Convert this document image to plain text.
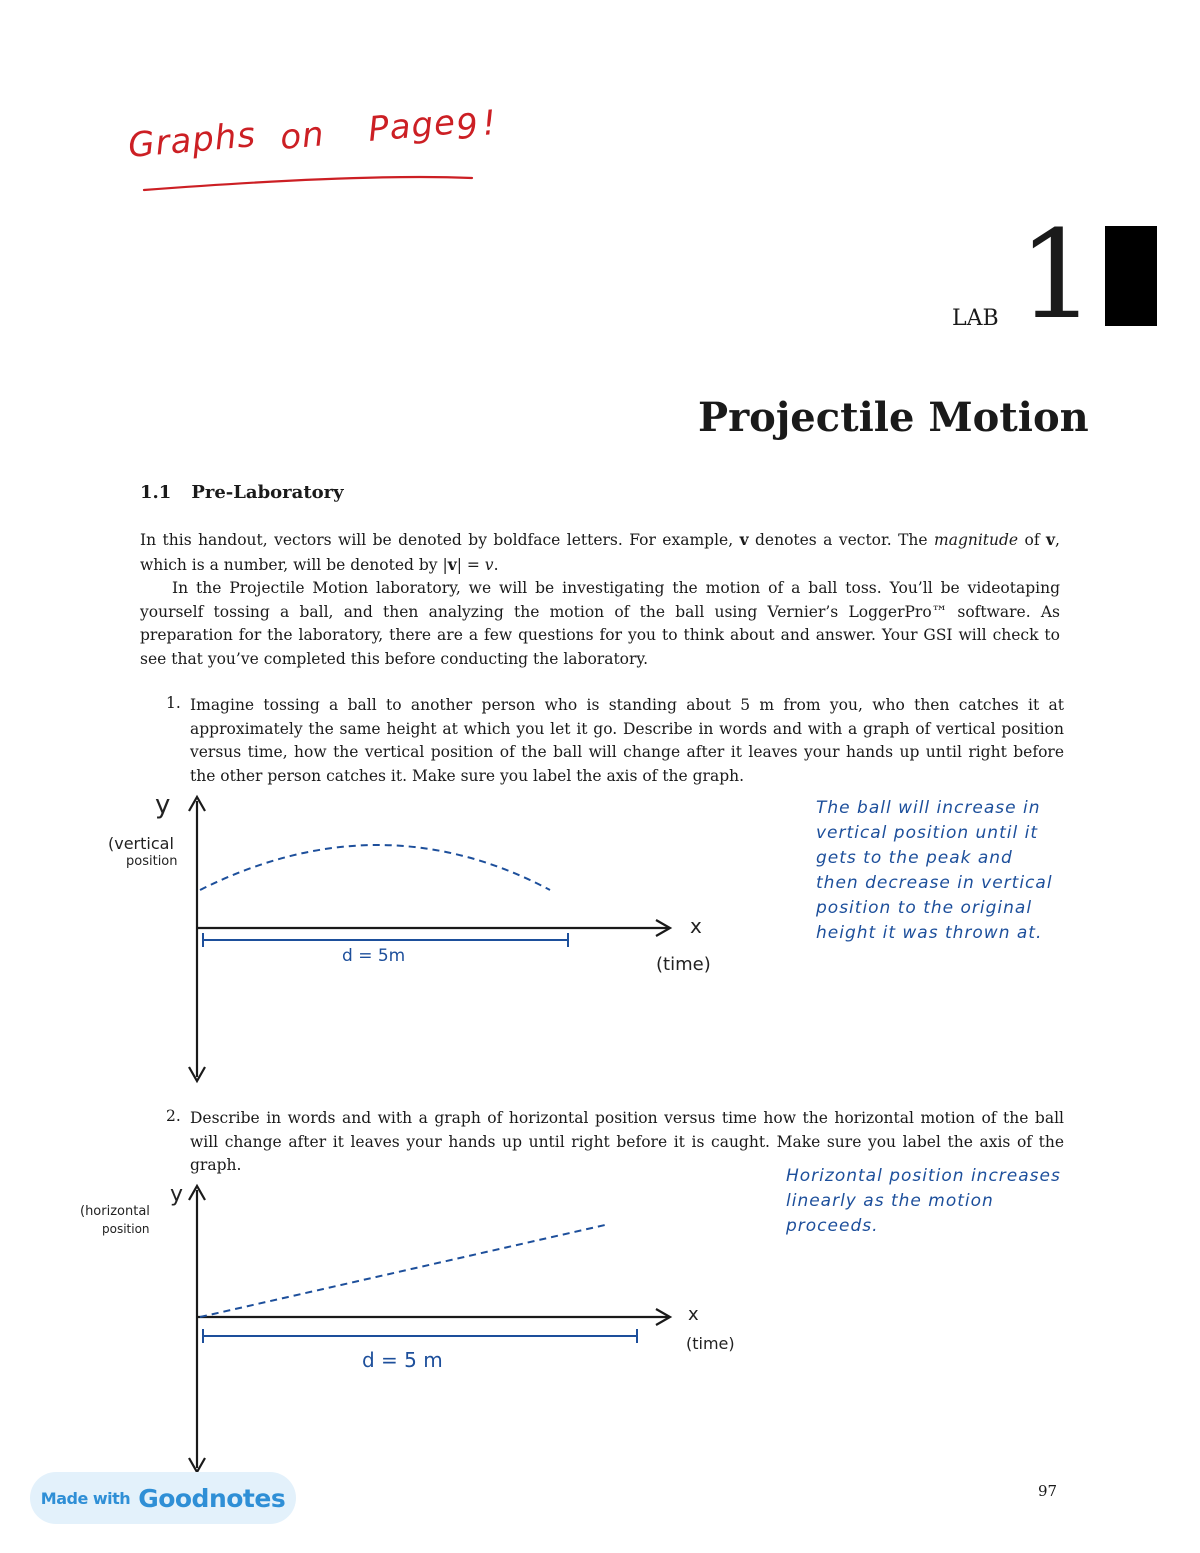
Graphs on Page
9 !
LAB 1
Projectile Motion
1.1 Pre-Laboratory

In this handout, vectors will be denoted by boldface letters. For example, v denotes a vector. The magnitude of v, which is a number, will be denoted by |v| = v.

In the Projectile Motion laboratory, we will be investigating the motion of a ball toss. You’ll be videotaping yourself tossing a ball, and then analyzing the motion of the ball using Vernier’s LoggerPro™ software. As preparation for the laboratory, there are a few questions for you to think about and answer. Your GSI will check to see that you’ve completed this before conducting the laboratory.

1. Imagine tossing a ball to another person who is standing about 5 m from you, who then catches it at approximately the same height at which you let it go. Describe in words and with a graph of vertical position versus time, how the vertical position of the ball will change after it leaves your hands up until right before the other person catches it. Make sure you label the axis of the graph.
y
(vertical
position
x
(time)
d = 5m
The ball will increase in
vertical position until it
gets to the peak and
then decrease in vertical
position to the original
height it was thrown at.
2. Describe in words and with a graph of horizontal position versus time how the horizontal motion of the ball will change after it leaves your hands up until right before it is caught. Make sure you label the axis of the graph.
y
(horizontal
position
x
(time)
d = 5 m
Horizontal position increases
linearly as the motion
proceeds.
97
Made with Goodnotes
